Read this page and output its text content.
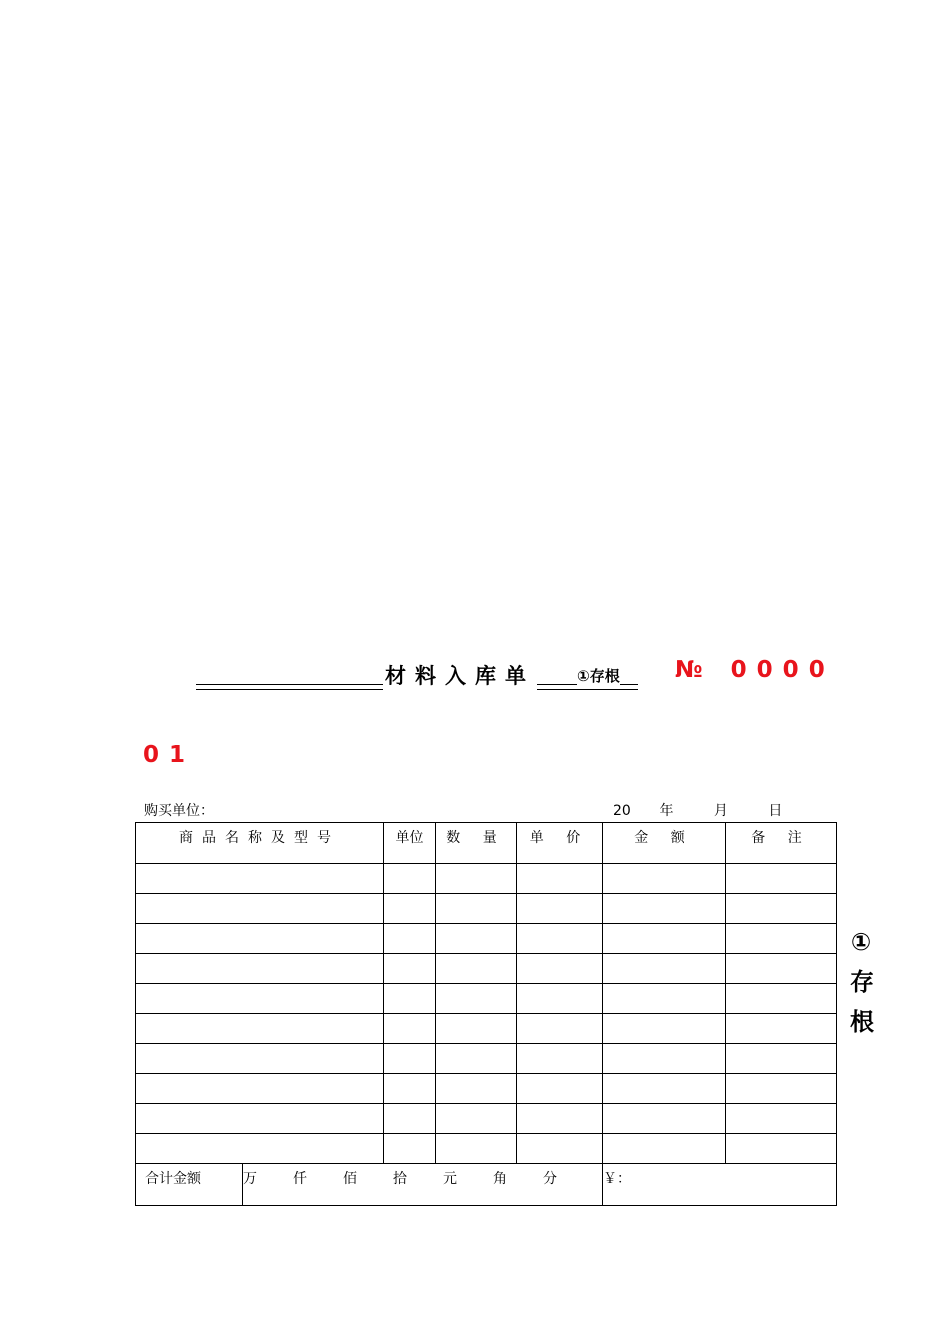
材料入库单	①存根 № 0000
01
购买单位：	20 年	月	日
商品名称及型号		单位	数 量	单 价	金 额	备 注

合计金额	万 仟 佰 拾 元 角 分				￥：	
①
存
根
